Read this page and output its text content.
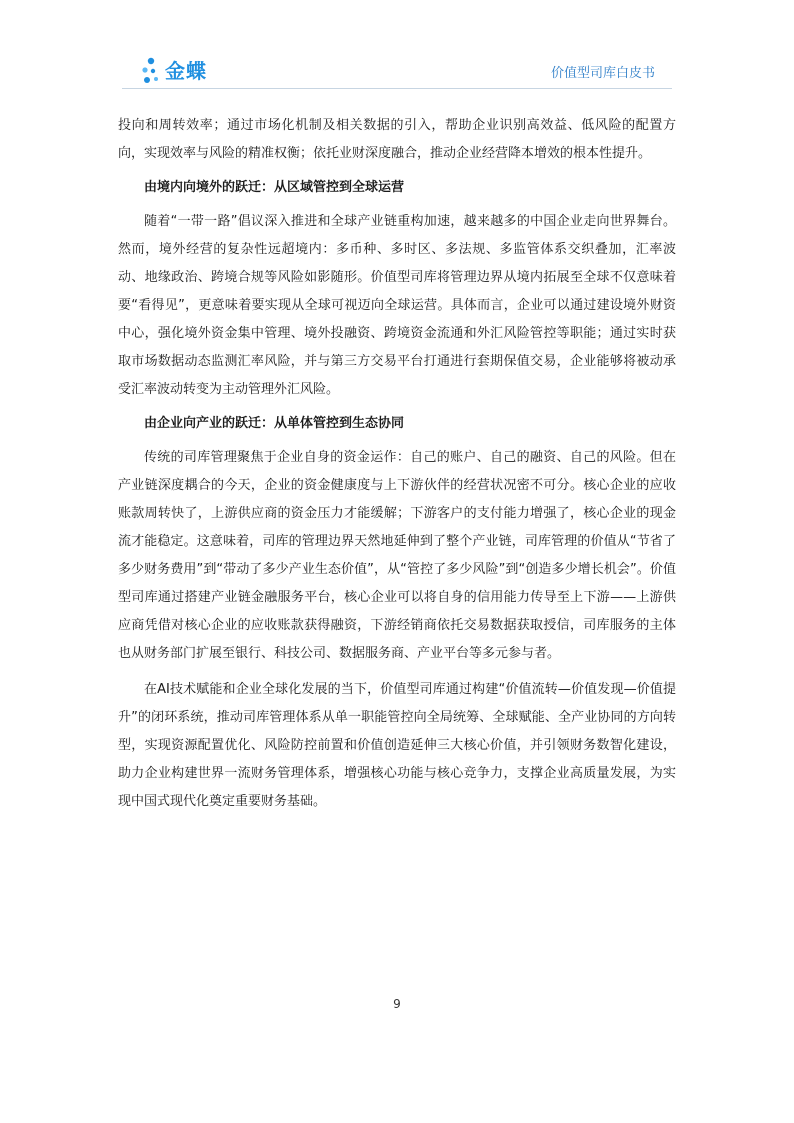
金蝶	价值型司库白皮书

投向和周转效率；通过市场化机制及相关数据的引入，帮助企业识别高效益、低风险的配置方向，实现效率与风险的精准权衡；依托业财深度融合，推动企业经营降本增效的根本性提升。

由境内向境外的跃迁：从区域管控到全球运营

随着“一带一路”倡议深入推进和全球产业链重构加速，越来越多的中国企业走向世界舞台。然而，境外经营的复杂性远超境内：多币种、多时区、多法规、多监管体系交织叠加，汇率波动、地缘政治、跨境合规等风险如影随形。价值型司库将管理边界从境内拓展至全球不仅意味着要“看得见”，更意味着要实现从全球可视迈向全球运营。具体而言，企业可以通过建设境外财资中心，强化境外资金集中管理、境外投融资、跨境资金流通和外汇风险管控等职能；通过实时获取市场数据动态监测汇率风险，并与第三方交易平台打通进行套期保值交易，企业能够将被动承受汇率波动转变为主动管理外汇风险。

由企业向产业的跃迁：从单体管控到生态协同

传统的司库管理聚焦于企业自身的资金运作：自己的账户、自己的融资、自己的风险。但在产业链深度耦合的今天，企业的资金健康度与上下游伙伴的经营状况密不可分。核心企业的应收账款周转快了，上游供应商的资金压力才能缓解；下游客户的支付能力增强了，核心企业的现金流才能稳定。这意味着，司库的管理边界天然地延伸到了整个产业链，司库管理的价值从“节省了多少财务费用”到“带动了多少产业生态价值”，从“管控了多少风险”到“创造多少增长机会”。价值型司库通过搭建产业链金融服务平台，核心企业可以将自身的信用能力传导至上下游——上游供应商凭借对核心企业的应收账款获得融资，下游经销商依托交易数据获取授信，司库服务的主体也从财务部门扩展至银行、科技公司、数据服务商、产业平台等多元参与者。

在AI技术赋能和企业全球化发展的当下，价值型司库通过构建“价值流转—价值发现—价值提升”的闭环系统，推动司库管理体系从单一职能管控向全局统筹、全球赋能、全产业协同的方向转型，实现资源配置优化、风险防控前置和价值创造延伸三大核心价值，并引领财务数智化建设，助力企业构建世界一流财务管理体系，增强核心功能与核心竞争力，支撑企业高质量发展，为实现中国式现代化奠定重要财务基础。

9
